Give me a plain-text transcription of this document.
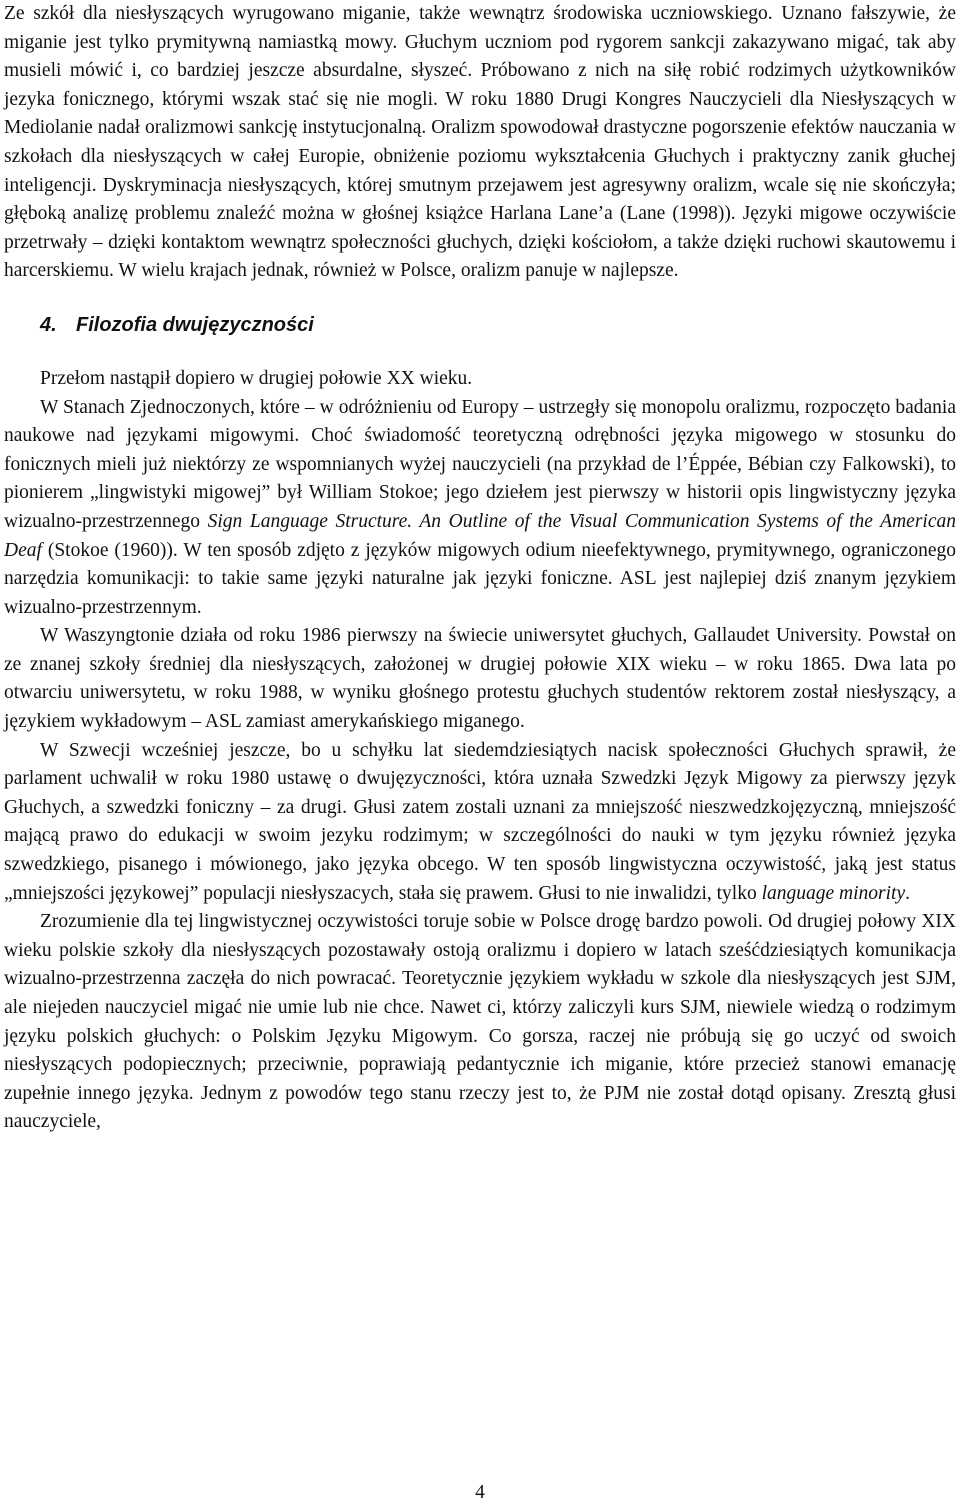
Ze szkół dla niesłyszących wyrugowano miganie, także wewnątrz środowiska uczniowskiego. Uznano fałszywie, że miganie jest tylko prymitywną namiastką mowy. Głuchym uczniom pod rygorem sankcji zakazywano migać, tak aby musieli mówić i, co bardziej jeszcze absurdalne, słyszeć. Próbowano z nich na siłę robić rodzimych użytkowników jezyka fonicznego, którymi wszak stać się nie mogli. W roku 1880 Drugi Kongres Nauczycieli dla Niesłyszących w Mediolanie nadał oralizmowi sankcję instytucjonalną. Oralizm spowodował drastyczne pogorszenie efektów nauczania w szkołach dla niesłyszących w całej Europie, obniżenie poziomu wykształcenia Głuchych i praktyczny zanik głuchej inteligencji. Dyskryminacja niesłyszących, której smutnym przejawem jest agresywny oralizm, wcale się nie skończyła; głęboką analizę problemu znaleźć można w głośnej książce Harlana Lane’a (Lane (1998)). Języki migowe oczywiście przetrwały – dzięki kontaktom wewnątrz społeczności głuchych, dzięki kościołom, a także dzięki ruchowi skautowemu i harcerskiemu. W wielu krajach jednak, również w Polsce, oralizm panuje w najlepsze.

4. Filozofia dwujęzyczności

Przełom nastąpił dopiero w drugiej połowie XX wieku.

W Stanach Zjednoczonych, które – w odróżnieniu od Europy – ustrzegły się monopolu oralizmu, rozpoczęto badania naukowe nad językami migowymi. Choć świadomość teoretyczną odrębności języka migowego w stosunku do fonicznych mieli już niektórzy ze wspomnianych wyżej nauczycieli (na przykład de l’Éppée, Bébian czy Falkowski), to pionierem „lingwistyki migowej” był William Stokoe; jego dziełem jest pierwszy w historii opis lingwistyczny języka wizualno-przestrzennego Sign Language Structure. An Outline of the Visual Communication Systems of the American Deaf (Stokoe (1960)). W ten sposób zdjęto z języków migowych odium nieefektywnego, prymitywnego, ograniczonego narzędzia komunikacji: to takie same języki naturalne jak języki foniczne. ASL jest najlepiej dziś znanym językiem wizualno-przestrzennym.

W Waszyngtonie działa od roku 1986 pierwszy na świecie uniwersytet głuchych, Gallaudet University. Powstał on ze znanej szkoły średniej dla niesłyszących, założonej w drugiej połowie XIX wieku – w roku 1865. Dwa lata po otwarciu uniwersytetu, w roku 1988, w wyniku głośnego protestu głuchych studentów rektorem został niesłyszący, a językiem wykładowym – ASL zamiast amerykańskiego miganego.

W Szwecji wcześniej jeszcze, bo u schyłku lat siedemdziesiątych nacisk społeczności Głuchych sprawił, że parlament uchwalił w roku 1980 ustawę o dwujęzyczności, która uznała Szwedzki Język Migowy za pierwszy język Głuchych, a szwedzki foniczny – za drugi. Głusi zatem zostali uznani za mniejszość nieszwedzkojęzyczną, mniejszość mającą prawo do edukacji w swoim jezyku rodzimym; w szczególności do nauki w tym języku również języka szwedzkiego, pisanego i mówionego, jako języka obcego. W ten sposób lingwistyczna oczywistość, jaką jest status „mniejszości językowej” populacji niesłyszacych, stała się prawem. Głusi to nie inwalidzi, tylko language minority.

Zrozumienie dla tej lingwistycznej oczywistości toruje sobie w Polsce drogę bardzo powoli. Od drugiej połowy XIX wieku polskie szkoły dla niesłyszących pozostawały ostoją oralizmu i dopiero w latach sześćdziesiątych komunikacja wizualno-przestrzenna zaczęła do nich powracać. Teoretycznie językiem wykładu w szkole dla niesłyszących jest SJM, ale niejeden nauczyciel migać nie umie lub nie chce. Nawet ci, którzy zaliczyli kurs SJM, niewiele wiedzą o rodzimym języku polskich głuchych: o Polskim Języku Migowym. Co gorsza, raczej nie próbują się go uczyć od swoich niesłyszących podopiecznych; przeciwnie, poprawiają pedantycznie ich miganie, które przecież stanowi emanację zupełnie innego języka. Jednym z powodów tego stanu rzeczy jest to, że PJM nie został dotąd opisany. Zresztą głusi nauczyciele,

4
